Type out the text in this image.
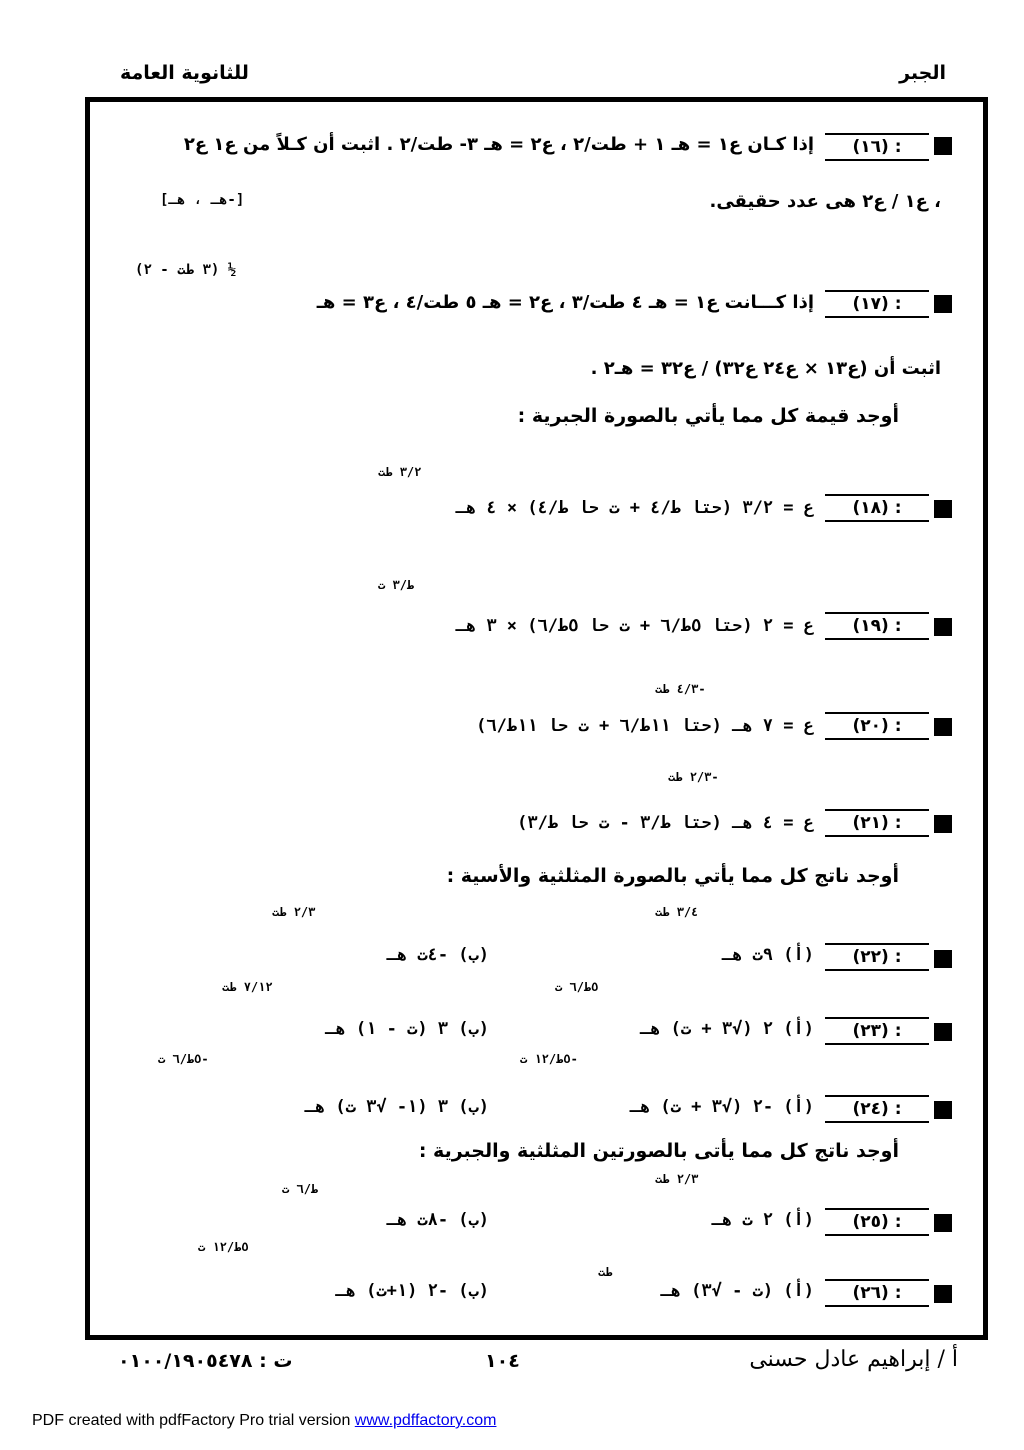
للثانوية العامة	الجبر
(١٦) :
إذا كـان ع١ = هـ ١ + طت/٢ ، ع٢ = هـ ٣- طت/٢ . اثبت أن كـلاً من ع١ ع٢
، ع١ / ع٢ هى عدد حقيقى.
[-هـ ، هـ]
½ (٣ طت - ٢)
(١٧) :
إذا كـــانت ع١ = هـ ٤ طت/٣ ، ع٢ = هـ ٥ طت/٤ ، ع٣ = هـ
اثبت أن (ع١٣ × ع٢٤ ع٣٢) / ع٣٢ = هـ٢ .
أوجد قيمة كل مما يأتي بالصورة الجبرية :
٣/٢ طت
(١٨) :
ع = ٣/٢ (حتا ط/٤ + ت حا ط/٤) × ٤ هـ
ط/٣ ت
(١٩) :
ع = ٢ (حتا ٥ط/٦ + ت حا ٥ط/٦) × ٣ هـ
-٤/٣ طت
(٢٠) :
ع = ٧ هـ (حتا ١١ط/٦ + ت حا ١١ط/٦)
-٢/٣ طت
(٢١) :
ع = ٤ هـ (حتا ط/٣ - ت حا ط/٣)
أوجد ناتج كل مما يأتي بالصورة المثلثية والأسية :
٣/٤ طت
٢/٣ طت
(٢٢) :
(أ) ٩ت هـ
(ب) -٤ت هـ
٥ط/٦ ت
٧/١٢ طت
(٢٣) :
(أ) ٢ (√٣ + ت) هـ
(ب) ٣ (ت - ١) هـ
-٥ط/١٢ ت
-٥ط/٦ ت
(٢٤) :
(أ) -٢ (√٣ + ت) هـ
(ب) ٣ (١- √٣ ت) هـ
أوجد ناتج كل مما يأتى بالصورتين المثلثية والجبرية :
٢/٣ طت
ط/٦ ت
(٢٥) :
(أ) ٢ ت هـ
(ب) -٨ت هـ
طت
٥ط/١٢ ت
(٢٦) :
(أ) (ت - √٣) هـ
(ب) -٢ (١+ت) هـ
أ / إبراهيم عادل حسنى
١٠٤
ت : ٠١٠٠/١٩٠٥٤٧٨
PDF created with pdfFactory Pro trial version www.pdffactory.com
